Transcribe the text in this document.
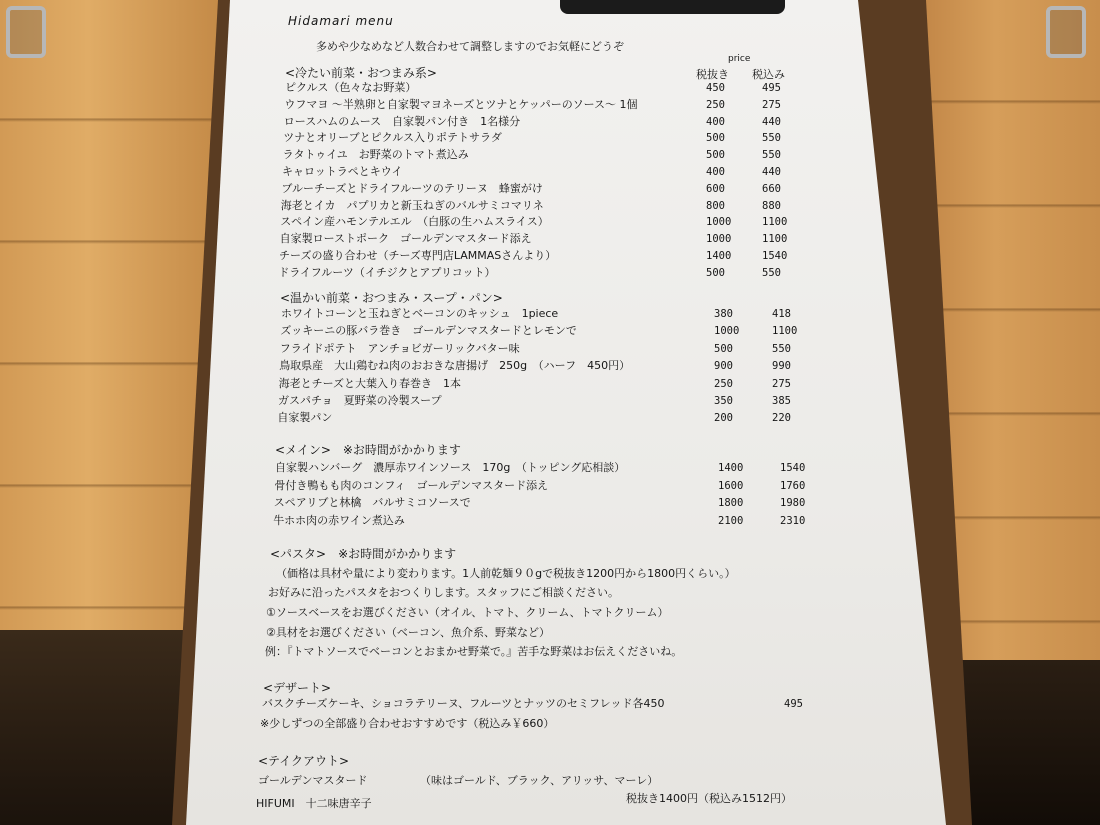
Hidamari menu
多めや少なめなど人数合わせて調整しますのでお気軽にどうぞ
price
税抜き 税込み
<冷たい前菜・おつまみ系>
ピクルス（色々なお野菜）	450	495
ウフマヨ ～半熟卵と自家製マヨネーズとツナとケッパーのソース～ 1個	250	275
ロースハムのムース　自家製パン付き　1名様分	400	440
ツナとオリーブとピクルス入りポテトサラダ	500	550
ラタトゥイユ　お野菜のトマト煮込み	500	550
キャロットラペとキウイ	400	440
ブルーチーズとドライフルーツのテリーヌ　蜂蜜がけ	600	660
海老とイカ　パプリカと新玉ねぎのバルサミコマリネ	800	880
スペイン産ハモンテルエル　（白豚の生ハムスライス）	1000	1100
自家製ローストポーク　ゴールデンマスタード添え	1000	1100
チーズの盛り合わせ（チーズ専門店LAMMASさんより）	1400	1540
ドライフルーツ（イチジクとアプリコット）	500	550
<温かい前菜・おつまみ・スープ・パン>
ホワイトコーンと玉ねぎとベーコンのキッシュ　1piece	380	418
ズッキーニの豚バラ巻き　ゴールデンマスタードとレモンで	1000	1100
フライドポテト　アンチョビガーリックバター味	500	550
鳥取県産　大山鶏むね肉のおおきな唐揚げ　250g　（ハーフ　450円）	900	990
海老とチーズと大葉入り春巻き　1本	250	275
ガスパチョ　夏野菜の冷製スープ	350	385
自家製パン	200	220
<メイン>　※お時間がかかります
自家製ハンバーグ　濃厚赤ワインソース　170g　（トッピング応相談）	1400	1540
骨付き鴨もも肉のコンフィ　ゴールデンマスタード添え	1600	1760
スペアリブと林檎　バルサミコソースで	1800	1980
牛ホホ肉の赤ワイン煮込み	2100	2310
<パスタ>　※お時間がかかります
（価格は具材や量により変わります。1人前乾麺９０gで税抜き1200円から1800円くらい。）
お好みに沿ったパスタをおつくりします。スタッフにご相談ください。
①ソースベースをお選びください（オイル、トマト、クリーム、トマトクリーム）
②具材をお選びください（ベーコン、魚介系、野菜など）
例：『トマトソースでベーコンとおまかせ野菜で。』苦手な野菜はお伝えくださいね。
<デザート>
バスクチーズケーキ、ショコラテリーヌ、フルーツとナッツのセミフレッド各450	495
※少しずつの全部盛り合わせおすすめです（税込み￥660）
<テイクアウト>
ゴールデンマスタード	（味はゴールド、ブラック、アリッサ、マーレ）
HIFUMI　十二味唐辛子	税抜き1400円（税込み1512円）
